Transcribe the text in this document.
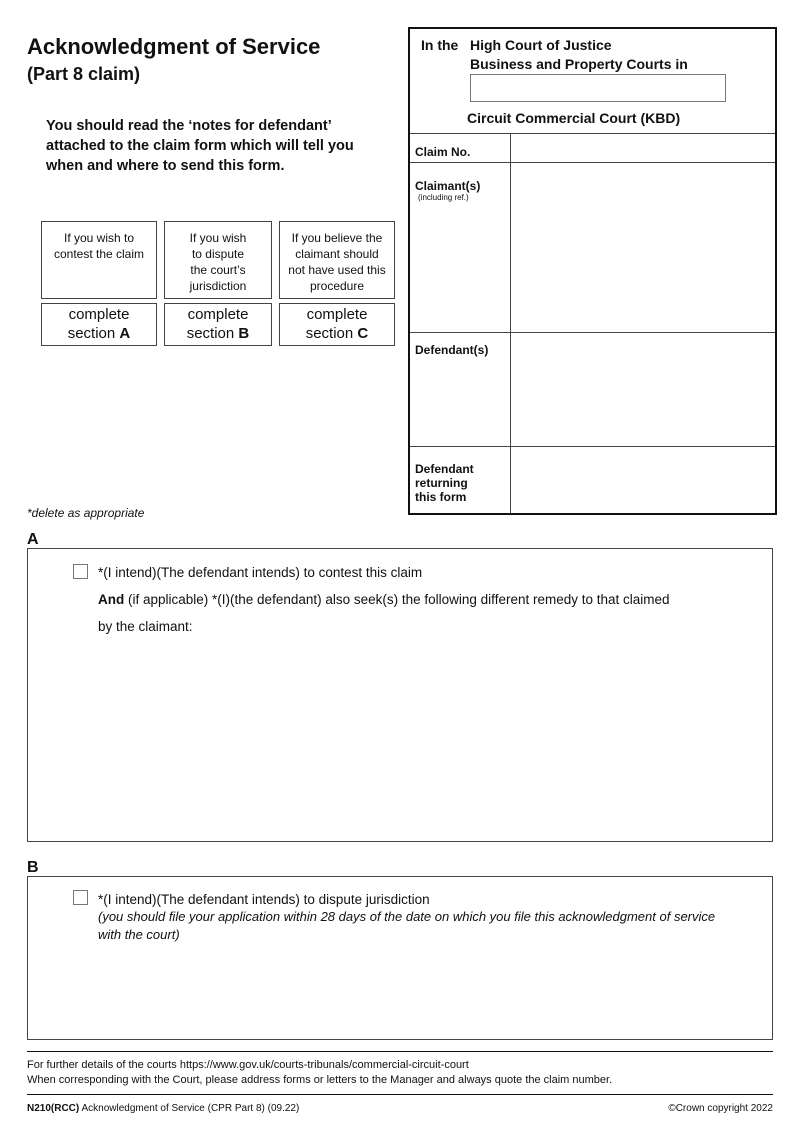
Acknowledgment of Service
(Part 8 claim)
You should read the ‘notes for defendant’
attached to the claim form which will tell you
when and where to send this form.
If you wish to
contest the claim
If you wish
to dispute
the court’s
jurisdiction
If you believe the
claimant should
not have used this
procedure
complete
section A
complete
section B
complete
section C
In the High Court of Justice
Business and Property Courts in
Circuit Commercial Court (KBD)
Claim No.
Claimant(s)
(including ref.)
Defendant(s)
Defendant
returning
this form
*delete as appropriate
A
*(I intend)(The defendant intends) to contest this claim
And (if applicable) *(I)(the defendant) also seek(s) the following different remedy to that claimed
by the claimant:
B
*(I intend)(The defendant intends) to dispute jurisdiction
(you should file your application within 28 days of the date on which you file this acknowledgment of service
with the court)
For further details of the courts https://www.gov.uk/courts-tribunals/commercial-circuit-court
When corresponding with the Court, please address forms or letters to the Manager and always quote the claim number.
N210(RCC) Acknowledgment of Service (CPR Part 8) (09.22)	©Crown copyright 2022
